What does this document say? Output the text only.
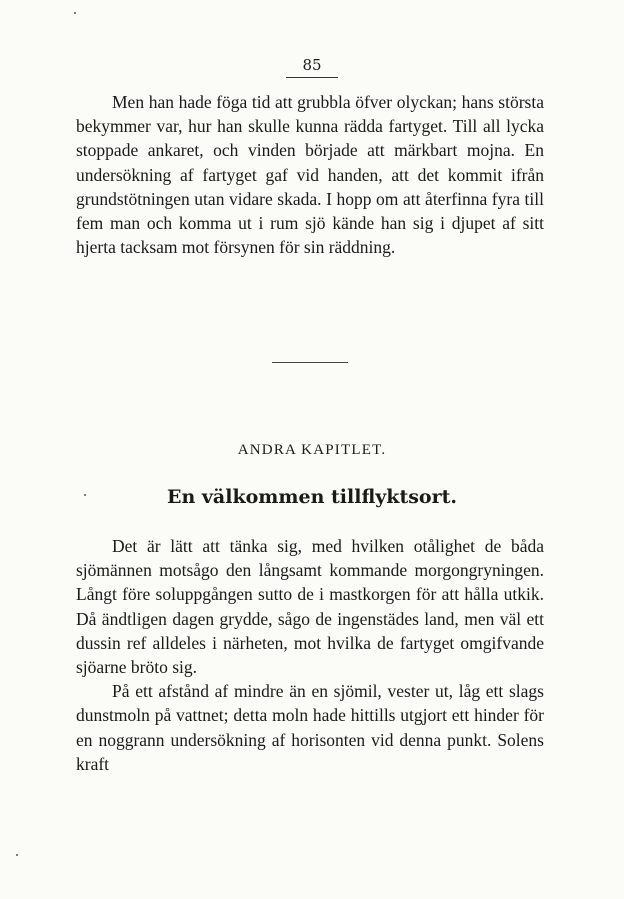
85

Men han hade föga tid att grubbla öfver olyckan; hans största bekymmer var, hur han skulle kunna rädda fartyget. Till all lycka stoppade ankaret, och vinden började att märkbart mojna. En undersökning af fartyget gaf vid handen, att det kommit ifrån grundstötningen utan vidare skada. I hopp om att återfinna fyra till fem man och komma ut i rum sjö kände han sig i djupet af sitt hjerta tacksam mot försynen för sin räddning.

ANDRA KAPITLET.
En välkommen tillflyktsort.

Det är lätt att tänka sig, med hvilken otålighet de båda sjömännen motsågo den långsamt kommande morgongryningen. Långt före soluppgången sutto de i mastkorgen för att hålla utkik. Då ändtligen dagen grydde, sågo de ingenstädes land, men väl ett dussin ref alldeles i närheten, mot hvilka de fartyget omgifvande sjöarne bröto sig.

På ett afstånd af mindre än en sjömil, vester ut, låg ett slags dunstmoln på vattnet; detta moln hade hittills utgjort ett hinder för en noggrann undersökning af horisonten vid denna punkt. Solens kraft
